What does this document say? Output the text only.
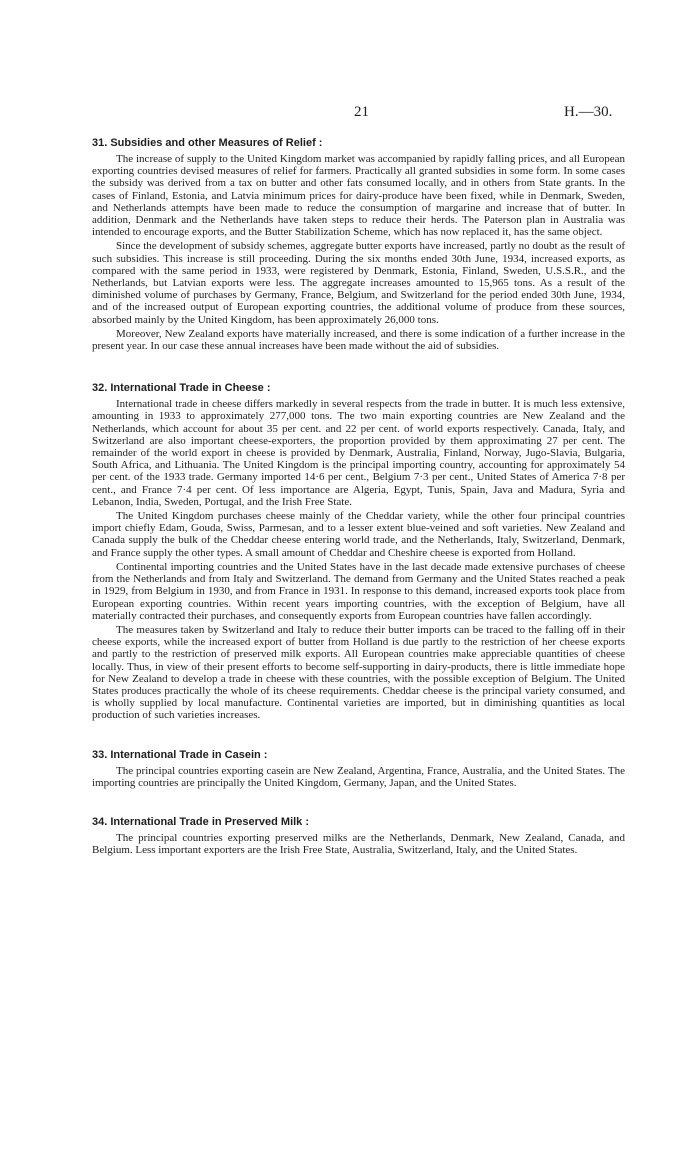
21	H.—30.
31. Subsidies and other Measures of Relief :

The increase of supply to the United Kingdom market was accompanied by rapidly falling prices, and all European exporting countries devised measures of relief for farmers. Practically all granted subsidies in some form. In some cases the subsidy was derived from a tax on butter and other fats consumed locally, and in others from State grants. In the cases of Finland, Estonia, and Latvia minimum prices for dairy-produce have been fixed, while in Denmark, Sweden, and Netherlands attempts have been made to reduce the consumption of margarine and increase that of butter. In addition, Denmark and the Netherlands have taken steps to reduce their herds. The Paterson plan in Australia was intended to encourage exports, and the Butter Stabilization Scheme, which has now replaced it, has the same object.

Since the development of subsidy schemes, aggregate butter exports have increased, partly no doubt as the result of such subsidies. This increase is still proceeding. During the six months ended 30th June, 1934, increased exports, as compared with the same period in 1933, were registered by Denmark, Estonia, Finland, Sweden, U.S.S.R., and the Netherlands, but Latvian exports were less. The aggregate increases amounted to 15,965 tons. As a result of the diminished volume of purchases by Germany, France, Belgium, and Switzerland for the period ended 30th June, 1934, and of the increased output of European exporting countries, the additional volume of produce from these sources, absorbed mainly by the United Kingdom, has been approximately 26,000 tons.

Moreover, New Zealand exports have materially increased, and there is some indication of a further increase in the present year. In our case these annual increases have been made without the aid of subsidies.

32. International Trade in Cheese :

International trade in cheese differs markedly in several respects from the trade in butter. It is much less extensive, amounting in 1933 to approximately 277,000 tons. The two main exporting countries are New Zealand and the Netherlands, which account for about 35 per cent. and 22 per cent. of world exports respectively. Canada, Italy, and Switzerland are also important cheese-exporters, the proportion provided by them approximating 27 per cent. The remainder of the world export in cheese is provided by Denmark, Australia, Finland, Norway, Jugo-Slavia, Bulgaria, South Africa, and Lithuania. The United Kingdom is the principal importing country, accounting for approximately 54 per cent. of the 1933 trade. Germany imported 14·6 per cent., Belgium 7·3 per cent., United States of America 7·8 per cent., and France 7·4 per cent. Of less importance are Algeria, Egypt, Tunis, Spain, Java and Madura, Syria and Lebanon, India, Sweden, Portugal, and the Irish Free State.

The United Kingdom purchases cheese mainly of the Cheddar variety, while the other four principal countries import chiefly Edam, Gouda, Swiss, Parmesan, and to a lesser extent blue-veined and soft varieties. New Zealand and Canada supply the bulk of the Cheddar cheese entering world trade, and the Netherlands, Italy, Switzerland, Denmark, and France supply the other types. A small amount of Cheddar and Cheshire cheese is exported from Holland.

Continental importing countries and the United States have in the last decade made extensive purchases of cheese from the Netherlands and from Italy and Switzerland. The demand from Germany and the United States reached a peak in 1929, from Belgium in 1930, and from France in 1931. In response to this demand, increased exports took place from European exporting countries. Within recent years importing countries, with the exception of Belgium, have all materially contracted their purchases, and consequently exports from European countries have fallen accordingly.

The measures taken by Switzerland and Italy to reduce their butter imports can be traced to the falling off in their cheese exports, while the increased export of butter from Holland is due partly to the restriction of her cheese exports and partly to the restriction of preserved milk exports. All European countries make appreciable quantities of cheese locally. Thus, in view of their present efforts to become self-supporting in dairy-products, there is little immediate hope for New Zealand to develop a trade in cheese with these countries, with the possible exception of Belgium. The United States produces practically the whole of its cheese requirements. Cheddar cheese is the principal variety consumed, and is wholly supplied by local manufacture. Continental varieties are imported, but in diminishing quantities as local production of such varieties increases.

33. International Trade in Casein :

The principal countries exporting casein are New Zealand, Argentina, France, Australia, and the United States. The importing countries are principally the United Kingdom, Germany, Japan, and the United States.

34. International Trade in Preserved Milk :

The principal countries exporting preserved milks are the Netherlands, Denmark, New Zealand, Canada, and Belgium. Less important exporters are the Irish Free State, Australia, Switzerland, Italy, and the United States.
